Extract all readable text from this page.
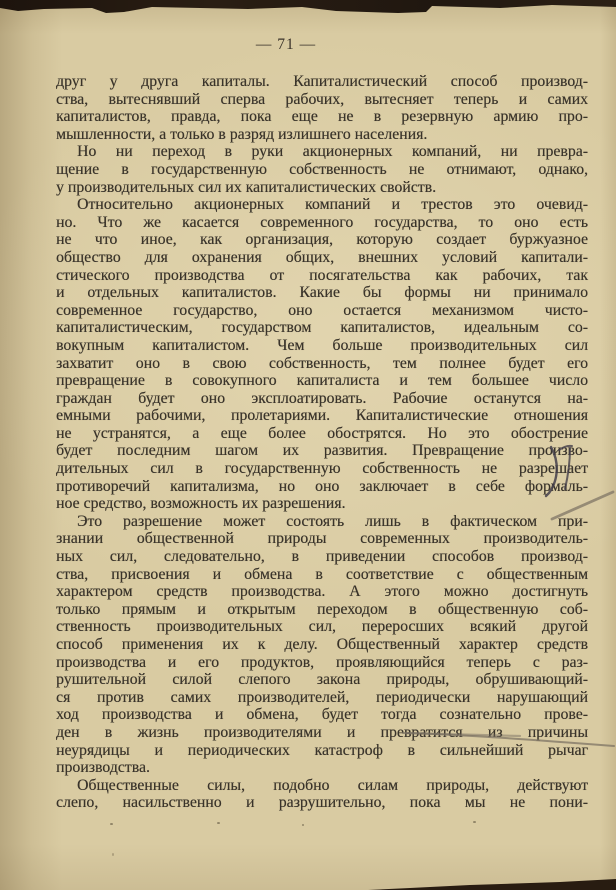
— 71 —
друг у друга капиталы. Капиталистический способ производ-
ства, вытеснявший сперва рабочих, вытесняет теперь и самих
капиталистов, правда, пока еще не в резервную армию про-
мышленности, а только в разряд излишнего населения.
Но ни переход в руки акционерных компаний, ни превра-
щение в государственную собственность не отнимают, однако,
у производительных сил их капиталистических свойств.
Относительно акционерных компаний и трестов это очевид-
но. Что же касается современного государства, то оно есть
не что иное, как организация, которую создает буржуазное
общество для охранения общих, внешних условий капитали-
стического производства от посягательства как рабочих, так
и отдельных капиталистов. Какие бы формы ни принимало
современное государство, оно остается механизмом чисто-
капиталистическим, государством капиталистов, идеальным со-
вокупным капиталистом. Чем больше производительных сил
захватит оно в свою собственность, тем полнее будет его
превращение в совокупного капиталиста и тем большее число
граждан будет оно эксплоатировать. Рабочие останутся на-
емными рабочими, пролетариями. Капиталистические отношения
не устранятся, а еще более обострятся. Но это обострение
будет последним шагом их развития. Превращение произво-
дительных сил в государственную собственность не разрешает
противоречий капитализма, но оно заключает в себе формаль-
ное средство, возможность их разрешения.
Это разрешение может состоять лишь в фактическом при-
знании общественной природы современных производитель-
ных сил, следовательно, в приведении способов производ-
ства, присвоения и обмена в соответствие с общественным
характером средств производства. А этого можно достигнуть
только прямым и открытым переходом в общественную соб-
ственность производительных сил, переросших всякий другой
способ применения их к делу. Общественный характер средств
производства и его продуктов, проявляющийся теперь с раз-
рушительной силой слепого закона природы, обрушивающий-
ся против самих производителей, периодически нарушающий
ход производства и обмена, будет тогда сознательно прове-
ден в жизнь производителями и превратится из причины
неурядицы и периодических катастроф в сильнейший рычаг
производства.
Общественные силы, подобно силам природы, действуют
слепо, насильственно и разрушительно, пока мы не пони-
